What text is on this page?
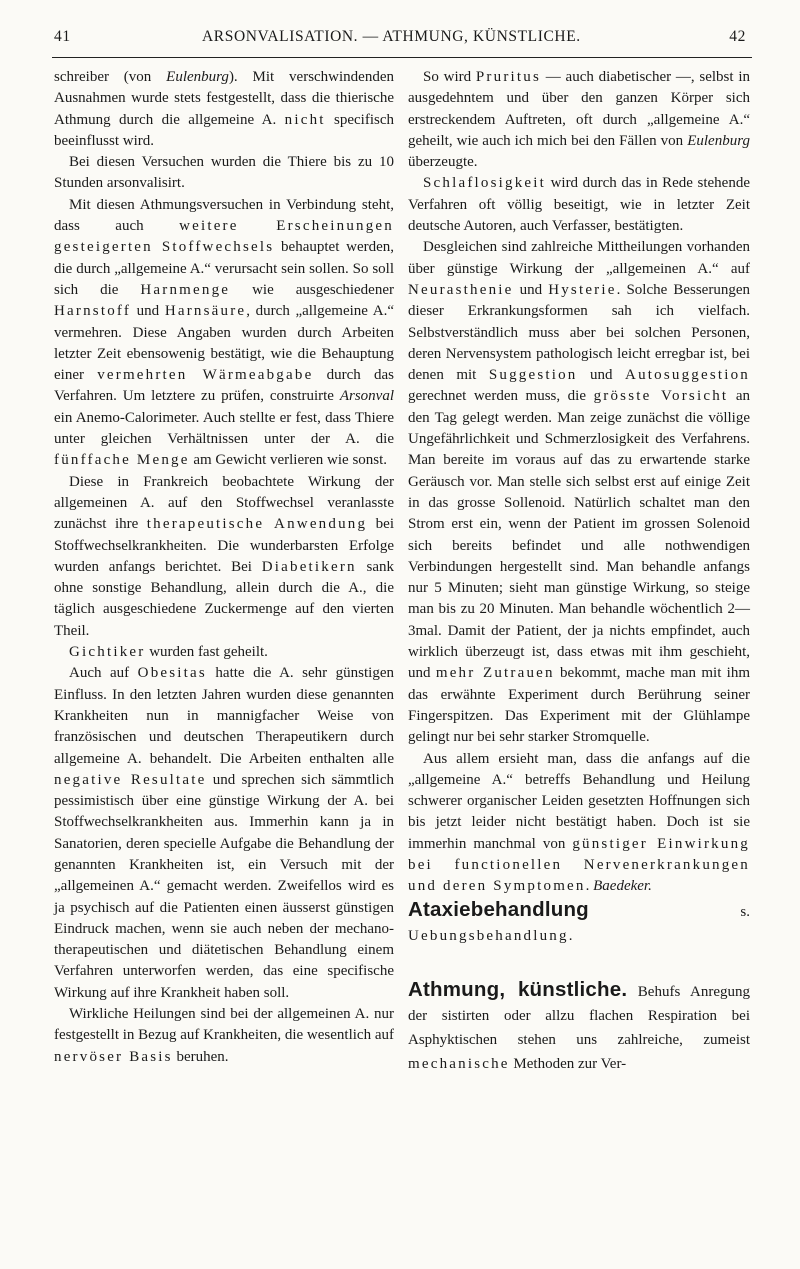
41	ARSONVALISATION. — ATHMUNG, KÜNSTLICHE.	42

schreiber (von Eulenburg). Mit verschwindenden Ausnahmen wurde stets festgestellt, dass die thierische Athmung durch die allgemeine A. nicht specifisch beeinflusst wird.

Bei diesen Versuchen wurden die Thiere bis zu 10 Stunden arsonvalisirt.

Mit diesen Athmungsversuchen in Verbindung steht, dass auch weitere Erscheinungen gesteigerten Stoffwechsels behauptet werden, die durch „allgemeine A.“ verursacht sein sollen. So soll sich die Harnmenge wie ausgeschiedener Harnstoff und Harnsäure, durch „allgemeine A.“ vermehren. Diese Angaben wurden durch Arbeiten letzter Zeit ebensowenig bestätigt, wie die Behauptung einer vermehrten Wärmeabgabe durch das Verfahren. Um letztere zu prüfen, construirte Arsonval ein Anemo-Calorimeter. Auch stellte er fest, dass Thiere unter gleichen Verhältnissen unter der A. die fünffache Menge am Gewicht verlieren wie sonst.

Diese in Frankreich beobachtete Wirkung der allgemeinen A. auf den Stoffwechsel veranlasste zunächst ihre therapeutische Anwendung bei Stoffwechselkrankheiten. Die wunderbarsten Erfolge wurden anfangs berichtet. Bei Diabetikern sank ohne sonstige Behandlung, allein durch die A., die täglich ausgeschiedene Zuckermenge auf den vierten Theil.

Gichtiker wurden fast geheilt.

Auch auf Obesitas hatte die A. sehr günstigen Einfluss. In den letzten Jahren wurden diese genannten Krankheiten nun in mannigfacher Weise von französischen und deutschen Therapeutikern durch allgemeine A. behandelt. Die Arbeiten enthalten alle negative Resultate und sprechen sich sämmtlich pessimistisch über eine günstige Wirkung der A. bei Stoffwechselkrankheiten aus. Immerhin kann ja in Sanatorien, deren specielle Aufgabe die Behandlung der genannten Krankheiten ist, ein Versuch mit der „allgemeinen A.“ gemacht werden. Zweifellos wird es ja psychisch auf die Patienten einen äusserst günstigen Eindruck machen, wenn sie auch neben der mechano-therapeutischen und diätetischen Behandlung einem Verfahren unterworfen werden, das eine specifische Wirkung auf ihre Krankheit haben soll.

Wirkliche Heilungen sind bei der allgemeinen A. nur festgestellt in Bezug auf Krankheiten, die wesentlich auf nervöser Basis beruhen.

So wird Pruritus — auch diabetischer —, selbst in ausgedehntem und über den ganzen Körper sich erstreckendem Auftreten, oft durch „allgemeine A.“ geheilt, wie auch ich mich bei den Fällen von Eulenburg überzeugte.

Schlaflosigkeit wird durch das in Rede stehende Verfahren oft völlig beseitigt, wie in letzter Zeit deutsche Autoren, auch Verfasser, bestätigten.

Desgleichen sind zahlreiche Mittheilungen vorhanden über günstige Wirkung der „allgemeinen A.“ auf Neurasthenie und Hysterie. Solche Besserungen dieser Erkrankungsformen sah ich vielfach. Selbstverständlich muss aber bei solchen Personen, deren Nervensystem pathologisch leicht erregbar ist, bei denen mit Suggestion und Autosuggestion gerechnet werden muss, die grösste Vorsicht an den Tag gelegt werden. Man zeige zunächst die völlige Ungefährlichkeit und Schmerzlosigkeit des Verfahrens. Man bereite im voraus auf das zu erwartende starke Geräusch vor. Man stelle sich selbst erst auf einige Zeit in das grosse Sollenoid. Natürlich schaltet man den Strom erst ein, wenn der Patient im grossen Solenoid sich bereits befindet und alle nothwendigen Verbindungen hergestellt sind. Man behandle anfangs nur 5 Minuten; sieht man günstige Wirkung, so steige man bis zu 20 Minuten. Man behandle wöchentlich 2—3mal. Damit der Patient, der ja nichts empfindet, auch wirklich überzeugt ist, dass etwas mit ihm geschieht, und mehr Zutrauen bekommt, mache man mit ihm das erwähnte Experiment durch Berührung seiner Fingerspitzen. Das Experiment mit der Glühlampe gelingt nur bei sehr starker Stromquelle.

Aus allem ersieht man, dass die anfangs auf die „allgemeine A.“ betreffs Behandlung und Heilung schwerer organischer Leiden gesetzten Hoffnungen sich bis jetzt leider nicht bestätigt haben. Doch ist sie immerhin manchmal von günstiger Einwirkung bei functionellen Nervenerkrankungen und deren Symptomen. Baedeker.

Ataxiebehandlung s. Uebungsbehandlung.

Athmung, künstliche. Behufs Anregung der sistirten oder allzu flachen Respiration bei Asphyktischen stehen uns zahlreiche, zumeist mechanische Methoden zur Ver-
